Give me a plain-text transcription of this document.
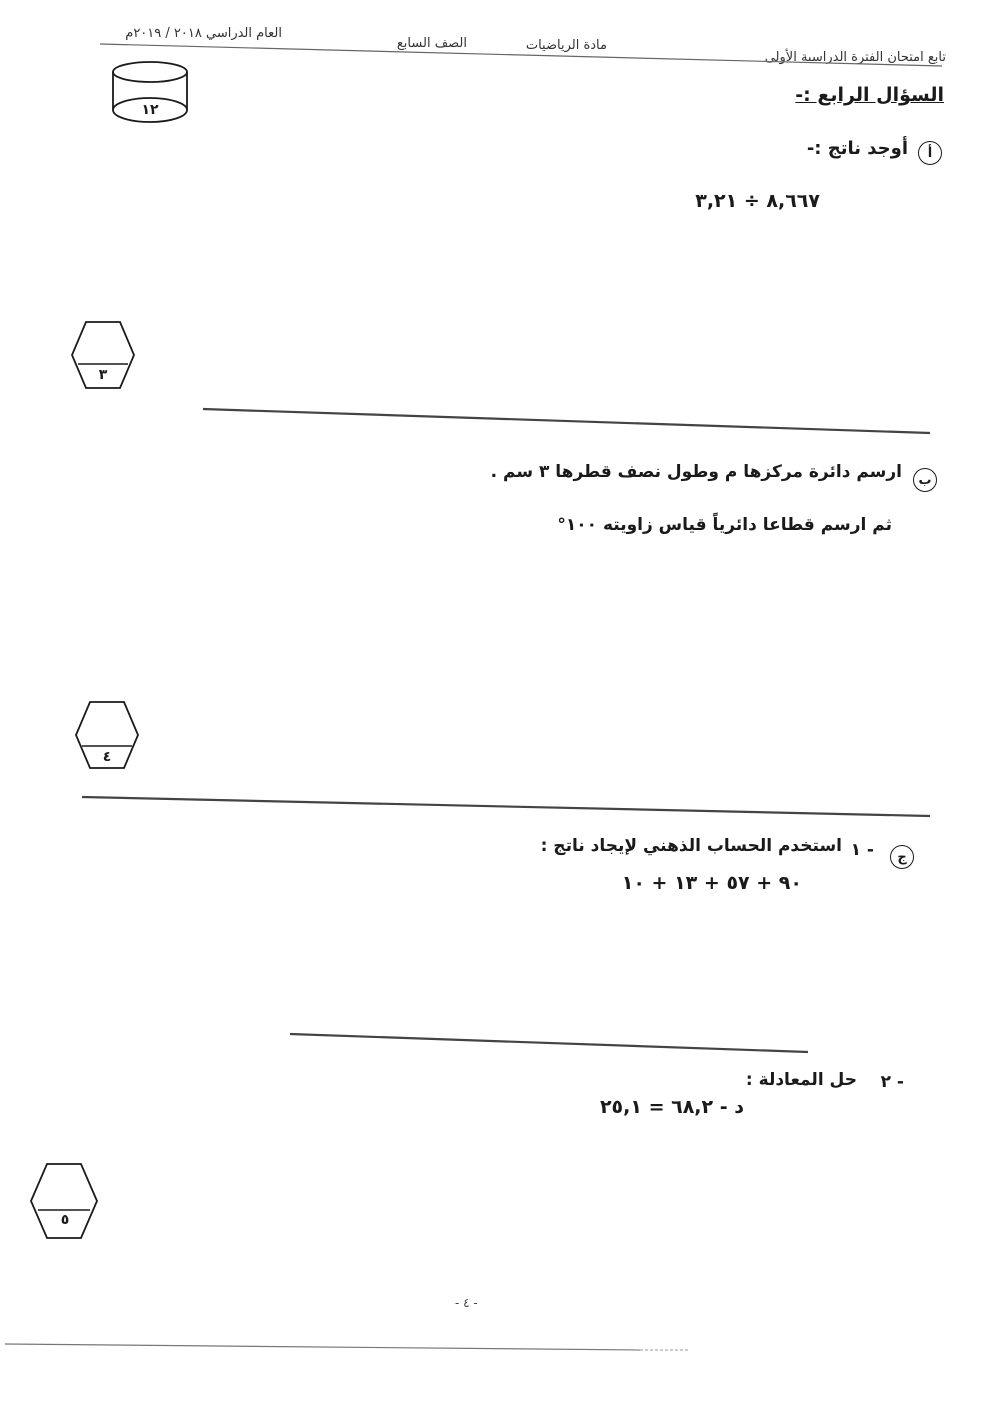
تابع امتحان الفترة الدراسية الأولى
مادة الرياضيات
الصف السابع
العام الدراسي ٢٠١٨ / ٢٠١٩م
١٢
السؤال الرابع :-
أ
أوجد ناتج :-
٨,٦٦٧ ÷ ٣,٢١
٣
ب
ارسم دائرة مركزها م وطول نصف قطرها ٣ سم .
ثم ارسم قطاعا دائرياً قياس زاويته ١٠٠°
٤
ج
١ -
استخدم الحساب الذهني لإيجاد ناتج :
٩٠ + ٥٧ + ١٣ + ١٠
٢ -
حل المعادلة :
د - ٦٨,٢ = ٢٥,١
٥
- ٤ -
